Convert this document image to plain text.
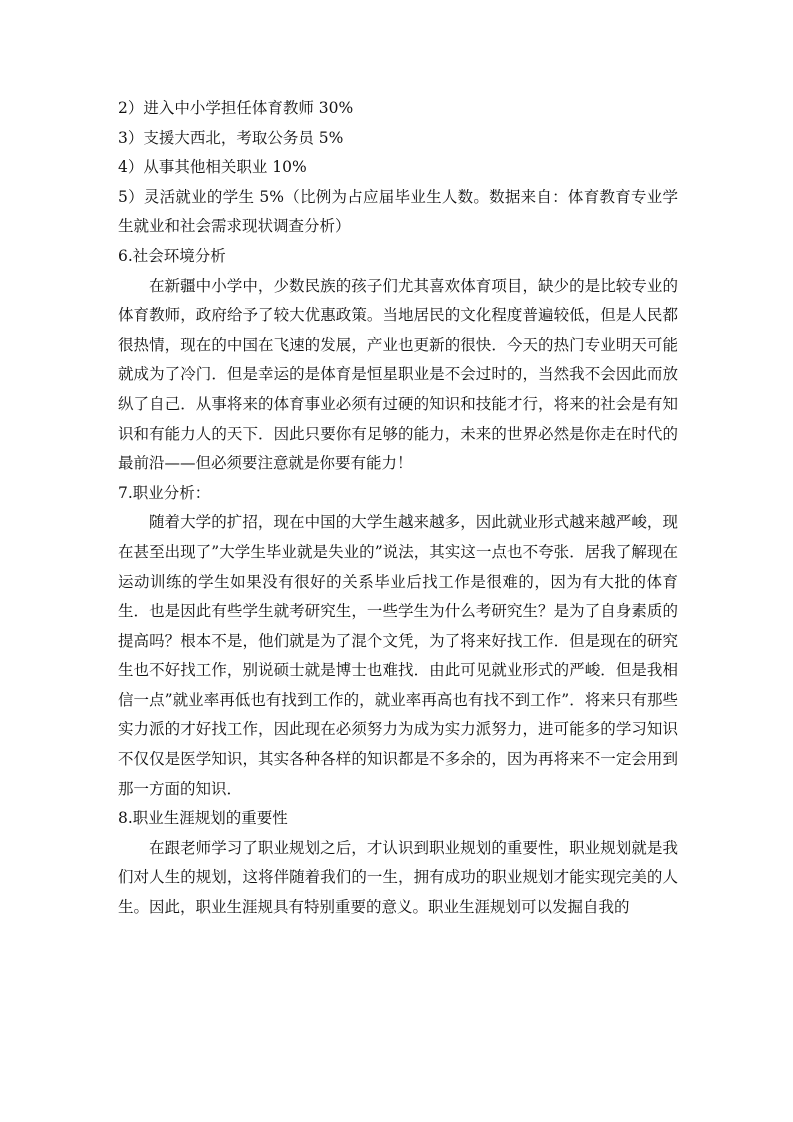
2）进入中小学担任体育教师 30%

3）支援大西北，考取公务员 5%

4）从事其他相关职业 10%

5）灵活就业的学生 5%（比例为占应届毕业生人数。数据来自：体育教育专业学生就业和社会需求现状调查分析）

6.社会环境分析

在新疆中小学中，少数民族的孩子们尤其喜欢体育项目，缺少的是比较专业的体育教师，政府给予了较大优惠政策。当地居民的文化程度普遍较低，但是人民都很热情，现在的中国在飞速的发展，产业也更新的很快．今天的热门专业明天可能就成为了冷门．但是幸运的是体育是恒星职业是不会过时的，当然我不会因此而放纵了自己．从事将来的体育事业必须有过硬的知识和技能才行，将来的社会是有知识和有能力人的天下．因此只要你有足够的能力，未来的世界必然是你走在时代的最前沿——但必须要注意就是你要有能力！

7.职业分析：

随着大学的扩招，现在中国的大学生越来越多，因此就业形式越来越严峻，现在甚至出现了”大学生毕业就是失业的”说法，其实这一点也不夸张．居我了解现在运动训练的学生如果没有很好的关系毕业后找工作是很难的，因为有大批的体育生．也是因此有些学生就考研究生，一些学生为什么考研究生？是为了自身素质的提高吗？根本不是，他们就是为了混个文凭，为了将来好找工作．但是现在的研究生也不好找工作，别说硕士就是博士也难找．由此可见就业形式的严峻．但是我相信一点”就业率再低也有找到工作的，就业率再高也有找不到工作”．将来只有那些实力派的才好找工作，因此现在必须努力为成为实力派努力，进可能多的学习知识不仅仅是医学知识，其实各种各样的知识都是不多余的，因为再将来不一定会用到那一方面的知识．

8.职业生涯规划的重要性

在跟老师学习了职业规划之后，才认识到职业规划的重要性，职业规划就是我们对人生的规划，这将伴随着我们的一生，拥有成功的职业规划才能实现完美的人生。因此，职业生涯规具有特别重要的意义。职业生涯规划可以发掘自我的
